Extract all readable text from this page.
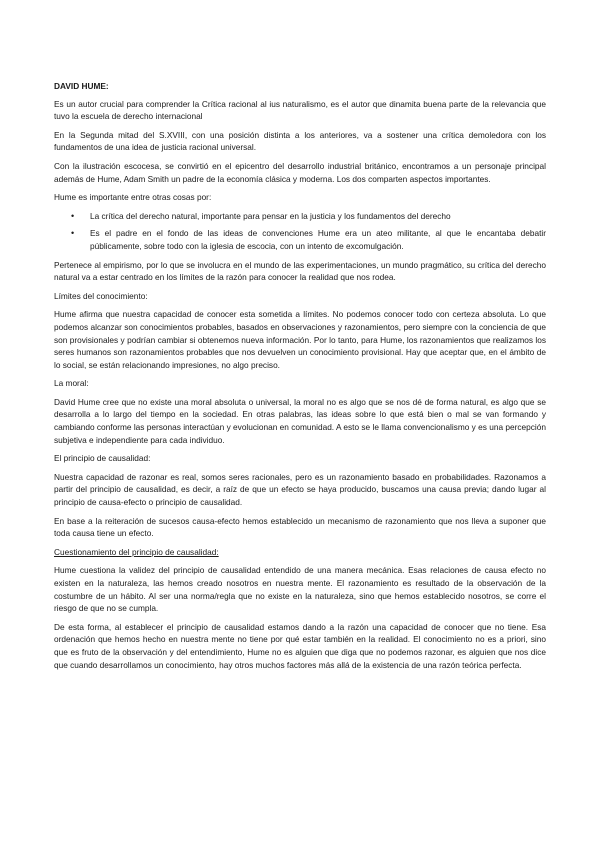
DAVID HUME:

Es un autor crucial para comprender la Crítica racional al ius naturalismo, es el autor que dinamita buena parte de la relevancia que tuvo la escuela de derecho internacional

En la Segunda mitad del S.XVIII, con una posición distinta a los anteriores, va a sostener una crítica demoledora con los fundamentos de una idea de justicia racional universal.

Con la ilustración escocesa, se convirtió en el epicentro del desarrollo industrial británico, encontramos a un personaje principal además de Hume, Adam Smith un padre de la economía clásica y moderna. Los dos comparten aspectos importantes.

Hume es importante entre otras cosas por:

• La crítica del derecho natural, importante para pensar en la justicia y los fundamentos del derecho
• Es el padre en el fondo de las ideas de convenciones Hume era un ateo militante, al que le encantaba debatir públicamente, sobre todo con la iglesia de escocia, con un intento de excomulgación.

Pertenece al empirismo, por lo que se involucra en el mundo de las experimentaciones, un mundo pragmático, su crítica del derecho natural va a estar centrado en los límites de la razón para conocer la realidad que nos rodea.

Límites del conocimiento:

Hume afirma que nuestra capacidad de conocer esta sometida a límites. No podemos conocer todo con certeza absoluta. Lo que podemos alcanzar son conocimientos probables, basados en observaciones y razonamientos, pero siempre con la conciencia de que son provisionales y podrían cambiar si obtenemos nueva información. Por lo tanto, para Hume, los razonamientos que realizamos los seres humanos son razonamientos probables que nos devuelven un conocimiento provisional. Hay que aceptar que, en el ámbito de lo social, se están relacionando impresiones, no algo preciso.

La moral:

David Hume cree que no existe una moral absoluta o universal, la moral no es algo que se nos dé de forma natural, es algo que se desarrolla a lo largo del tiempo en la sociedad. En otras palabras, las ideas sobre lo que está bien o mal se van formando y cambiando conforme las personas interactúan y evolucionan en comunidad. A esto se le llama convencionalismo y es una percepción subjetiva e independiente para cada individuo.

El principio de causalidad:

Nuestra capacidad de razonar es real, somos seres racionales, pero es un razonamiento basado en probabilidades. Razonamos a partir del principio de causalidad, es decir, a raíz de que un efecto se haya producido, buscamos una causa previa; dando lugar al principio de causa-efecto o principio de causalidad.

En base a la reiteración de sucesos causa-efecto hemos establecido un mecanismo de razonamiento que nos lleva a suponer que toda causa tiene un efecto.

Cuestionamiento del principio de causalidad:

Hume cuestiona la validez del principio de causalidad entendido de una manera mecánica. Esas relaciones de causa efecto no existen en la naturaleza, las hemos creado nosotros en nuestra mente. El razonamiento es resultado de la observación de la costumbre de un hábito. Al ser una norma/regla que no existe en la naturaleza, sino que hemos establecido nosotros, se corre el riesgo de que no se cumpla.

De esta forma, al establecer el principio de causalidad estamos dando a la razón una capacidad de conocer que no tiene. Esa ordenación que hemos hecho en nuestra mente no tiene por qué estar también en la realidad. El conocimiento no es a priori, sino que es fruto de la observación y del entendimiento, Hume no es alguien que diga que no podemos razonar, es alguien que nos dice que cuando desarrollamos un conocimiento, hay otros muchos factores más allá de la existencia de una razón teórica perfecta.
